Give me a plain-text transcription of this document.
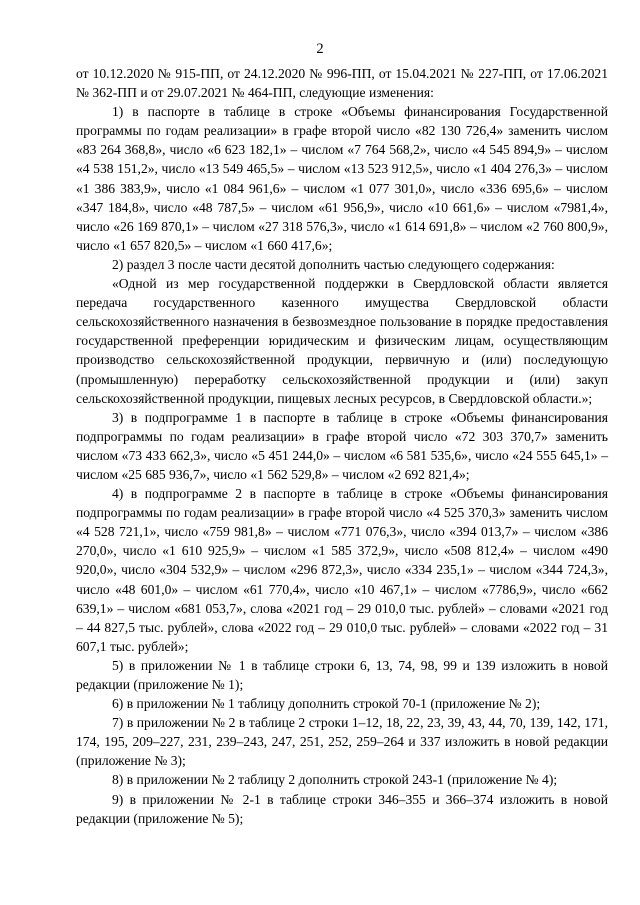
2

от 10.12.2020 № 915-ПП, от 24.12.2020 № 996-ПП, от 15.04.2021 № 227-ПП, от 17.06.2021 № 362-ПП и от 29.07.2021 № 464-ПП, следующие изменения:

1) в паспорте в таблице в строке «Объемы финансирования Государственной программы по годам реализации» в графе второй число «82 130 726,4» заменить числом «83 264 368,8», число «6 623 182,1» – числом «7 764 568,2», число «4 545 894,9» – числом «4 538 151,2», число «13 549 465,5» – числом «13 523 912,5», число «1 404 276,3» – числом «1 386 383,9», число «1 084 961,6» – числом «1 077 301,0», число «336 695,6» – числом «347 184,8», число «48 787,5» – числом «61 956,9», число «10 661,6» – числом «7981,4», число «26 169 870,1» – числом «27 318 576,3», число «1 614 691,8» – числом «2 760 800,9», число «1 657 820,5» – числом «1 660 417,6»;

2) раздел 3 после части десятой дополнить частью следующего содержания:

«Одной из мер государственной поддержки в Свердловской области является передача государственного казенного имущества Свердловской области сельскохозяйственного назначения в безвозмездное пользование в порядке предоставления государственной преференции юридическим и физическим лицам, осуществляющим производство сельскохозяйственной продукции, первичную и (или) последующую (промышленную) переработку сельскохозяйственной продукции и (или) закуп сельскохозяйственной продукции, пищевых лесных ресурсов, в Свердловской области.»;

3) в подпрограмме 1 в паспорте в таблице в строке «Объемы финансирования подпрограммы по годам реализации» в графе второй число «72 303 370,7» заменить числом «73 433 662,3», число «5 451 244,0» – числом «6 581 535,6», число «24 555 645,1» – числом «25 685 936,7», число «1 562 529,8» – числом «2 692 821,4»;

4) в подпрограмме 2 в паспорте в таблице в строке «Объемы финансирования подпрограммы по годам реализации» в графе второй число «4 525 370,3» заменить числом «4 528 721,1», число «759 981,8» – числом «771 076,3», число «394 013,7» – числом «386 270,0», число «1 610 925,9» – числом «1 585 372,9», число «508 812,4» – числом «490 920,0», число «304 532,9» – числом «296 872,3», число «334 235,1» – числом «344 724,3», число «48 601,0» – числом «61 770,4», число «10 467,1» – числом «7786,9», число «662 639,1» – числом «681 053,7», слова «2021 год – 29 010,0 тыс. рублей» – словами «2021 год – 44 827,5 тыс. рублей», слова «2022 год – 29 010,0 тыс. рублей» – словами «2022 год – 31 607,1 тыс. рублей»;

5) в приложении № 1 в таблице строки 6, 13, 74, 98, 99 и 139 изложить в новой редакции (приложение № 1);

6) в приложении № 1 таблицу дополнить строкой 70-1 (приложение № 2);

7) в приложении № 2 в таблице 2 строки 1–12, 18, 22, 23, 39, 43, 44, 70, 139, 142, 171, 174, 195, 209–227, 231, 239–243, 247, 251, 252, 259–264 и 337 изложить в новой редакции (приложение № 3);

8) в приложении № 2 таблицу 2 дополнить строкой 243-1 (приложение № 4);

9) в приложении № 2-1 в таблице строки 346–355 и 366–374 изложить в новой редакции (приложение № 5);
